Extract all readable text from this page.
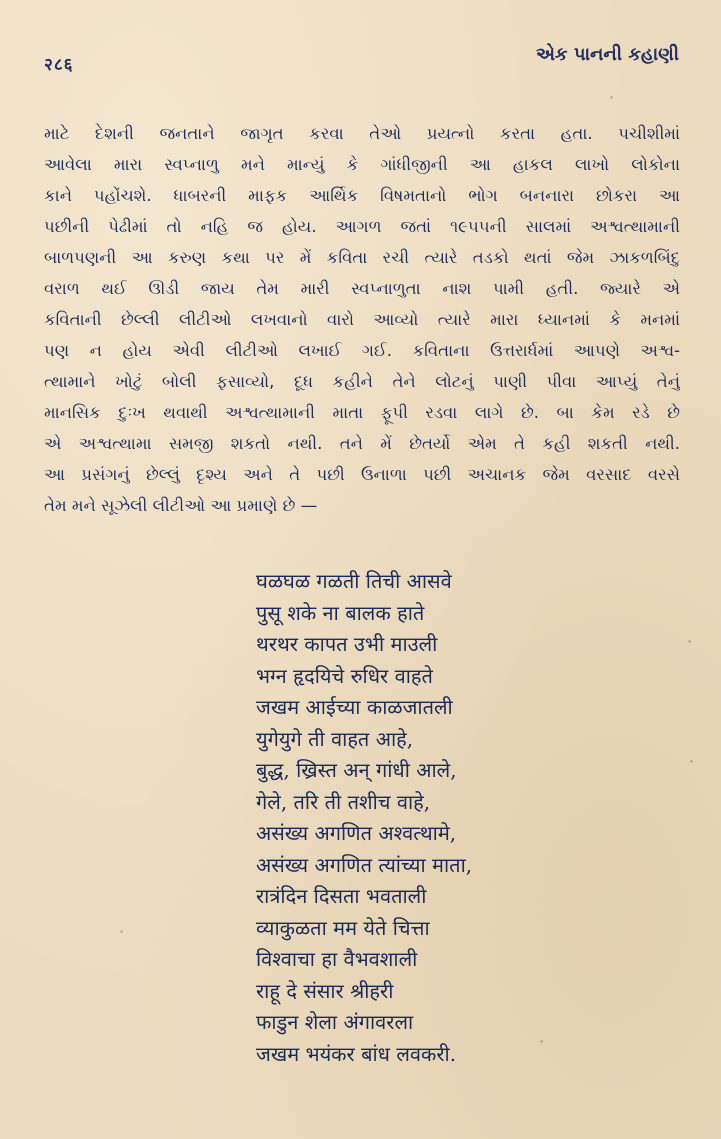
२८६	એક પાનની કહાણી
માટે દેશની જનતાને જાગૃત કરવા તેઓ પ્રયત્નો કરતા હતા. પચીશીમાં
આવેલા મારા સ્વપ્નાળુ મને માન્યું કે ગાંધીજીની આ હાકલ લાખો લોકોના
કાને પહોંચશે. ધાબરની માફક આર્થિક વિષમતાનો ભોગ બનનારા છોકરા આ
પછીની પેઢીમાં તો નહિ જ હોય. આગળ જતાં ૧૯૫૫ની સાલમાં અશ્વત્થામાની
બાળપણની આ કરુણ કથા પર મેં કવિતા રચી ત્યારે તડકો થતાં જેમ ઝાકળબિંદુ
વરાળ થઈ ઊડી જાય તેમ મારી સ્વપ્નાળુતા નાશ પામી હતી. જ્યારે એ
કવિતાની છેલ્લી લીટીઓ લખવાનો વારો આવ્યો ત્યારે મારા ધ્યાનમાં કે મનમાં
પણ ન હોય એવી લીટીઓ લખાઈ ગઈ. કવિતાના ઉત્તરાર્ધમાં આપણે અશ્વ-
ત્થામાને ખોટું બોલી ફસાવ્યો, દૂધ કહીને તેને લોટનું પાણી પીવા આપ્યું તેનું
માનસિક દુઃખ થવાથી અશ્વત્થામાની માતા ફૂપી રડવા લાગે છે. બા કેમ રડે છે
એ અશ્વત્થામા સમજી શકતો નથી. તને મેં છેતર્યો એમ તે કહી શકતી નથી.
આ પ્રસંગનું છેલ્લું દૃશ્ય અને તે પછી ઉનાળા પછી અચાનક જેમ વરસાદ વરસે
તેમ મને સૂઝેલી લીટીઓ આ પ્રમાણે છે —
घळघळ गळती तिची आसवे
पुसू शके ना बालक हाते
थरथर कापत उभी माउली
भग्न हृदयिचे रुधिर वाहते
जखम आईच्या काळजातली
युगेयुगे ती वाहत आहे,
बुद्ध, ख्रिस्त अन् गांधी आले,
गेले, तरि ती तशीच वाहे,
असंख्य अगणित अश्वत्थामे,
असंख्य अगणित त्यांच्या माता,
रात्रंदिन दिसता भवताली
व्याकुळता मम येते चित्ता
विश्वाचा हा वैभवशाली
राहू दे संसार श्रीहरी
फाडुन शेला अंगावरला
जखम भयंकर बांध लवकरी.
